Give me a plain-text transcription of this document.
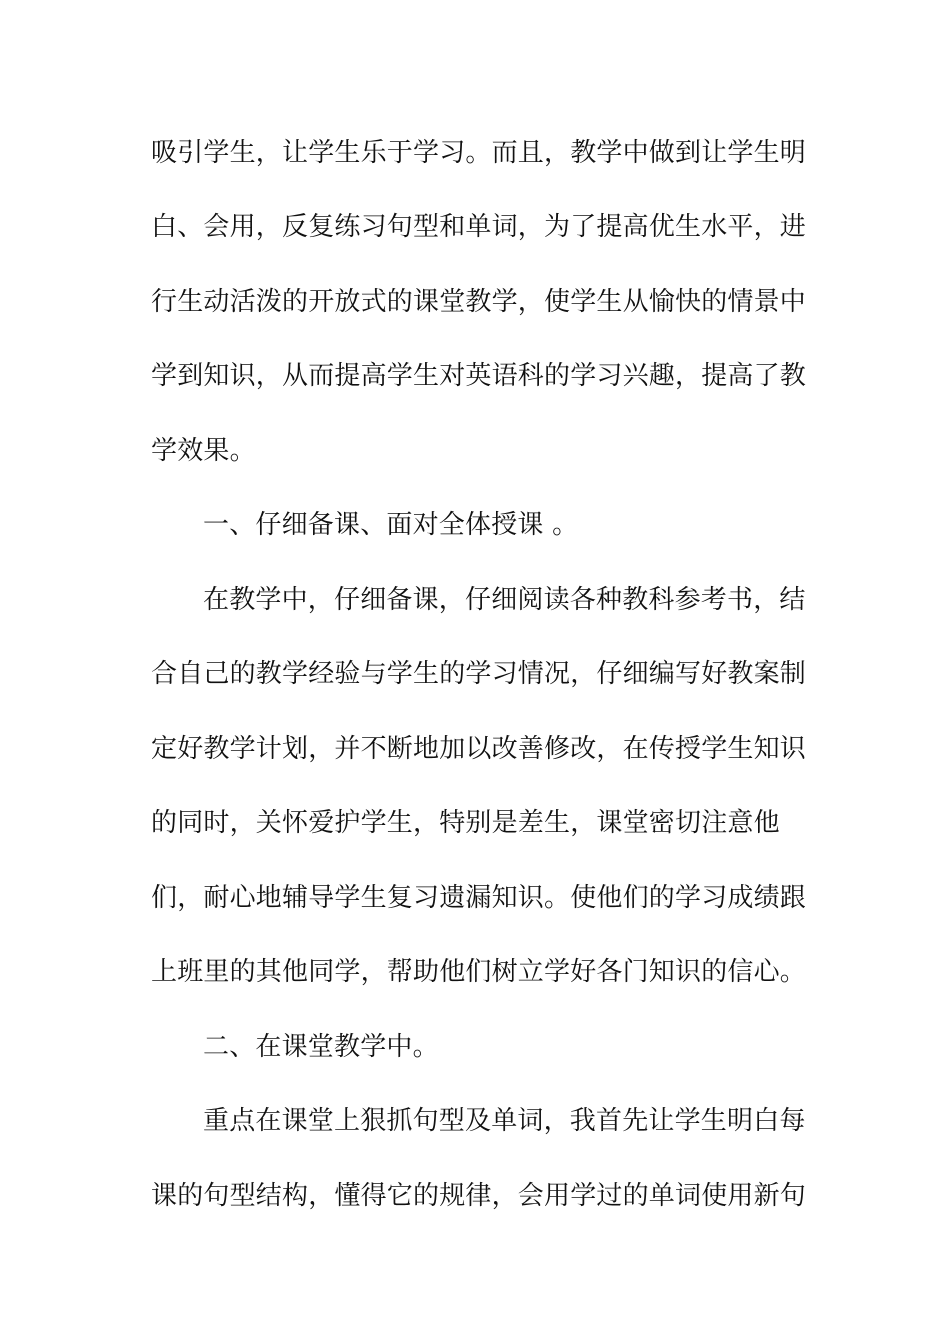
吸引学生，让学生乐于学习。而且，教学中做到让学生明
白、会用，反复练习句型和单词，为了提高优生水平，进
行生动活泼的开放式的课堂教学，使学生从愉快的情景中
学到知识，从而提高学生对英语科的学习兴趣，提高了教
学效果。
一、仔细备课、面对全体授课 。
在教学中，仔细备课，仔细阅读各种教科参考书，结
合自己的教学经验与学生的学习情况，仔细编写好教案制
定好教学计划，并不断地加以改善修改，在传授学生知识
的同时，关怀爱护学生，特别是差生，课堂密切注意他
们，耐心地辅导学生复习遗漏知识。使他们的学习成绩跟
上班里的其他同学，帮助他们树立学好各门知识的信心。
二、在课堂教学中。
重点在课堂上狠抓句型及单词，我首先让学生明白每
课的句型结构，懂得它的规律，会用学过的单词使用新句
